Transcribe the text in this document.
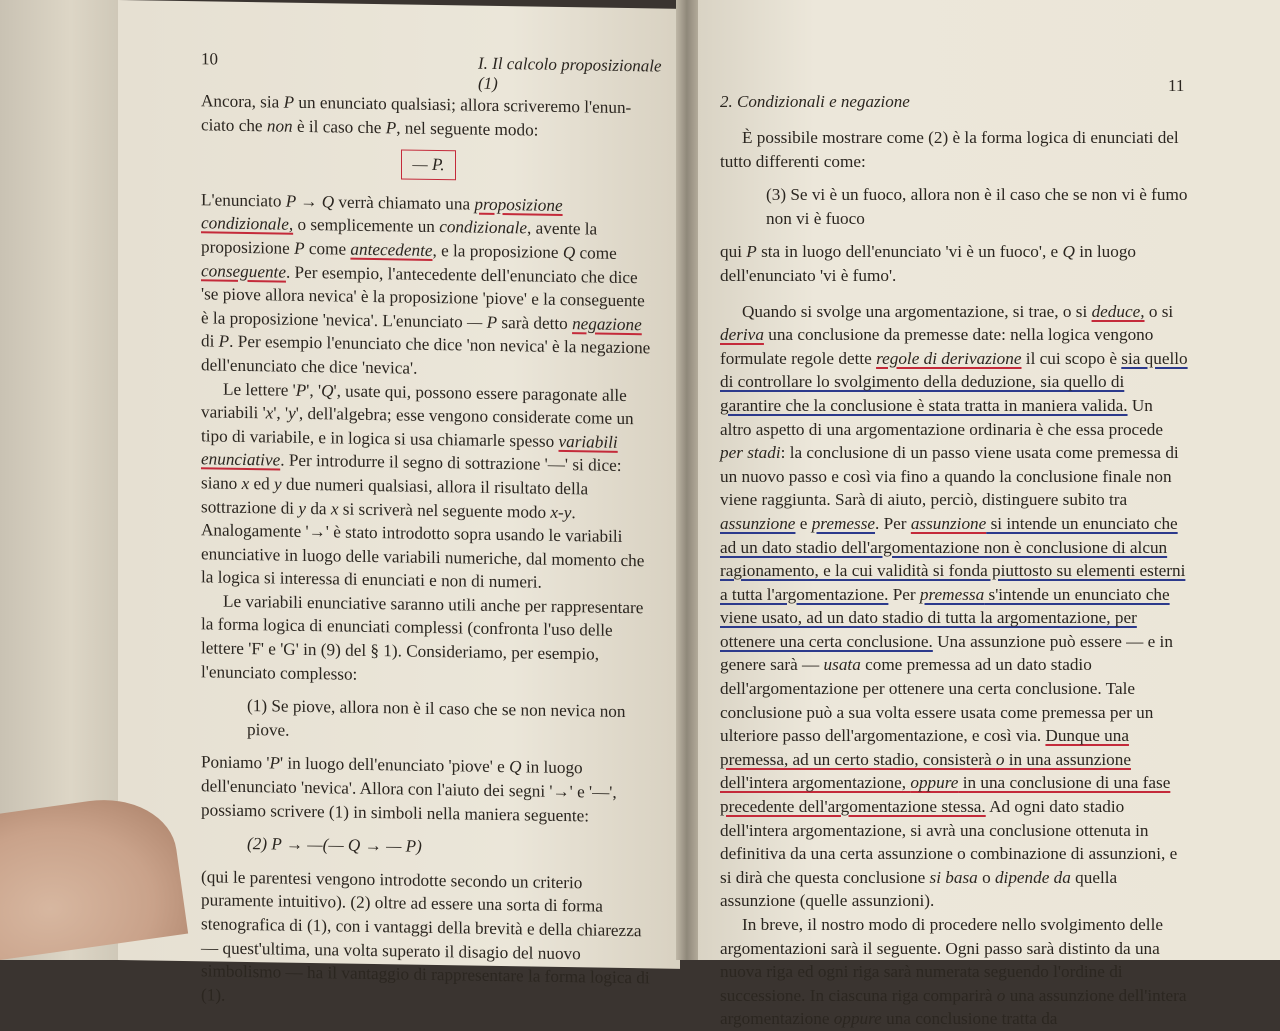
10	I. Il calcolo proposizionale (1)

Ancora, sia P un enunciato qualsiasi; allora scriveremo l'enun- ciato che non è il caso che P, nel seguente modo:

— P.

L'enunciato P → Q verrà chiamato una proposizione condizionale, o semplicemente un condizionale, avente la proposizione P come antecedente, e la proposizione Q come conseguente. Per esempio, l'antecedente dell'enunciato che dice 'se piove allora nevica' è la proposizione 'piove' e la conseguente è la proposizione 'nevica'. L'enunciato — P sarà detto negazione di P. Per esempio l'enunciato che dice 'non nevica' è la negazione dell'enunciato che dice 'nevica'.

Le lettere 'P', 'Q', usate qui, possono essere paragonate alle variabili 'x', 'y', dell'algebra; esse vengono considerate come un tipo di variabile, e in logica si usa chiamarle spesso variabili enunciative. Per introdurre il segno di sottrazione '—' si dice: siano x ed y due numeri qualsiasi, allora il risultato della sottrazione di y da x si scriverà nel seguente modo x-y. Analogamente '→' è stato introdotto sopra usando le variabili enunciative in luogo delle variabili numeriche, dal momento che la logica si interessa di enunciati e non di numeri.

Le variabili enunciative saranno utili anche per rappresentare la forma logica di enunciati complessi (confronta l'uso delle lettere 'F' e 'G' in (9) del § 1). Consideriamo, per esempio, l'enunciato complesso:

(1) Se piove, allora non è il caso che se non nevica non piove.

Poniamo 'P' in luogo dell'enunciato 'piove' e Q in luogo dell'enunciato 'nevica'. Allora con l'aiuto dei segni '→' e '—', possiamo scrivere (1) in simboli nella maniera seguente:

(2) P → —(— Q → — P)

(qui le parentesi vengono introdotte secondo un criterio puramente intuitivo). (2) oltre ad essere una sorta di forma stenografica di (1), con i vantaggi della brevità e della chiarezza — quest'ultima, una volta superato il disagio del nuovo simbolismo — ha il vantaggio di rappresentare la forma logica di (1).

2. Condizionali e negazione
11

È possibile mostrare come (2) è la forma logica di enunciati del tutto differenti come:

(3) Se vi è un fuoco, allora non è il caso che se non vi è fumo non vi è fuoco

qui P sta in luogo dell'enunciato 'vi è un fuoco', e Q in luogo dell'enunciato 'vi è fumo'.

Quando si svolge una argomentazione, si trae, o si deduce, o si deriva una conclusione da premesse date: nella logica vengono formulate regole dette regole di derivazione il cui scopo è sia quello di controllare lo svolgimento della deduzione, sia quello di garantire che la conclusione è stata tratta in maniera valida. Un altro aspetto di una argomentazione ordinaria è che essa procede per stadi: la conclusione di un passo viene usata come premessa di un nuovo passo e così via fino a quando la conclusione finale non viene raggiunta. Sarà di aiuto, perciò, distinguere subito tra assunzione e premesse. Per assunzione si intende un enunciato che ad un dato stadio dell'argomentazione non è conclusione di alcun ragionamento, e la cui validità si fonda piuttosto su elementi esterni a tutta l'argomentazione. Per premessa s'intende un enunciato che viene usato, ad un dato stadio di tutta la argomentazione, per ottenere una certa conclusione. Una assunzione può essere — e in genere sarà — usata come premessa ad un dato stadio dell'argomentazione per ottenere una certa conclusione. Tale conclusione può a sua volta essere usata come premessa per un ulteriore passo dell'argomentazione, e così via. Dunque una premessa, ad un certo stadio, consisterà o in una assunzione dell'intera argomentazione, oppure in una conclusione di una fase precedente dell'argomentazione stessa. Ad ogni dato stadio dell'intera argomentazione, si avrà una conclusione ottenuta in definitiva da una certa assunzione o combinazione di assunzioni, e si dirà che questa conclusione si basa o dipende da quella assunzione (quelle assunzioni).

In breve, il nostro modo di procedere nello svolgimento delle argomentazioni sarà il seguente. Ogni passo sarà distinto da una nuova riga ed ogni riga sarà numerata seguendo l'ordine di successione. In ciascuna riga comparirà o una assunzione dell'intera argomentazione oppure una conclusione tratta da
